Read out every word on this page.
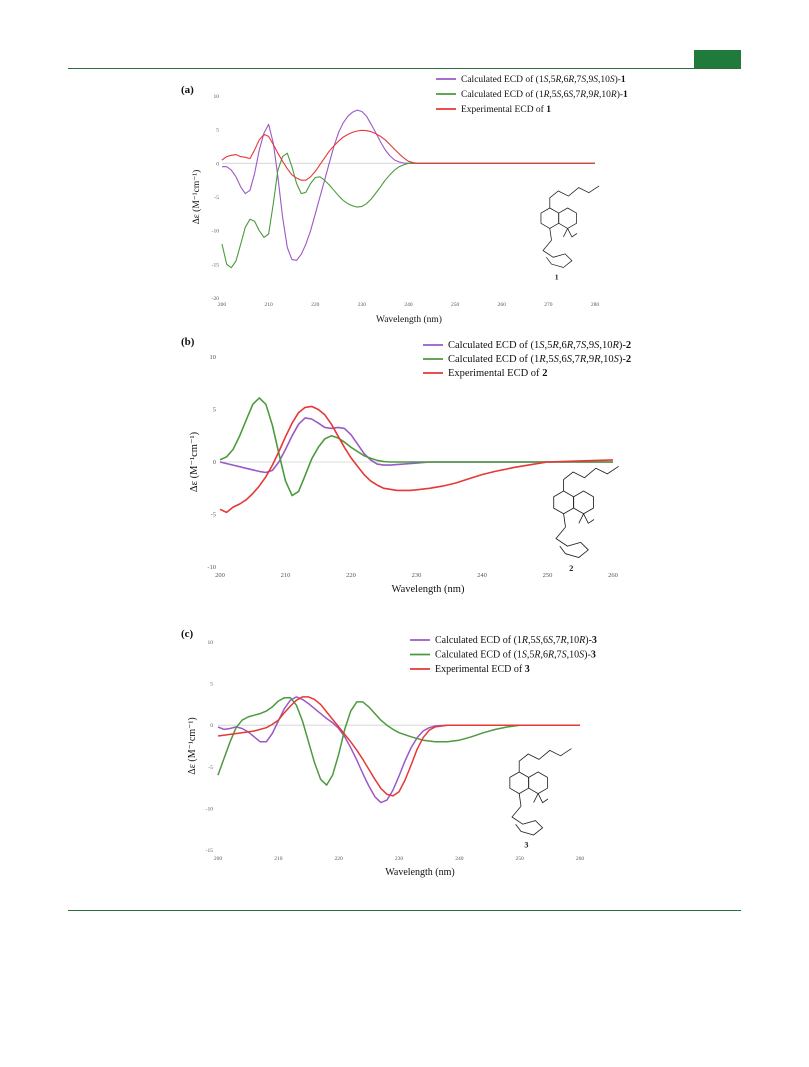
(a)
10
5
0
-5
-10
-15
-20
200	210	220	230	240	250	260	270	280
Wavelength (nm)
Δε (M⁻¹cm⁻¹)
Calculated ECD of (1S,5R,6R,7S,9S,10S)-1
Calculated ECD of (1R,5S,6S,7R,9R,10R)-1
Experimental ECD of 1
1
(b)
10
5
0
-5
-10
200	210	220	230	240	250	260
Wavelength (nm)
Δε (M⁻¹cm⁻¹)
Calculated ECD of (1S,5R,6R,7S,9S,10R)-2
Calculated ECD of (1R,5S,6S,7R,9R,10S)-2
Experimental ECD of 2
2
(c)
10
5
0
-5
-10
-15
200	210	220	230	240	250	260
Wavelength (nm)
Δε (M⁻¹cm⁻¹)
Calculated ECD of (1R,5S,6S,7R,10R)-3
Calculated ECD of (1S,5R,6R,7S,10S)-3
Experimental ECD of 3
3
